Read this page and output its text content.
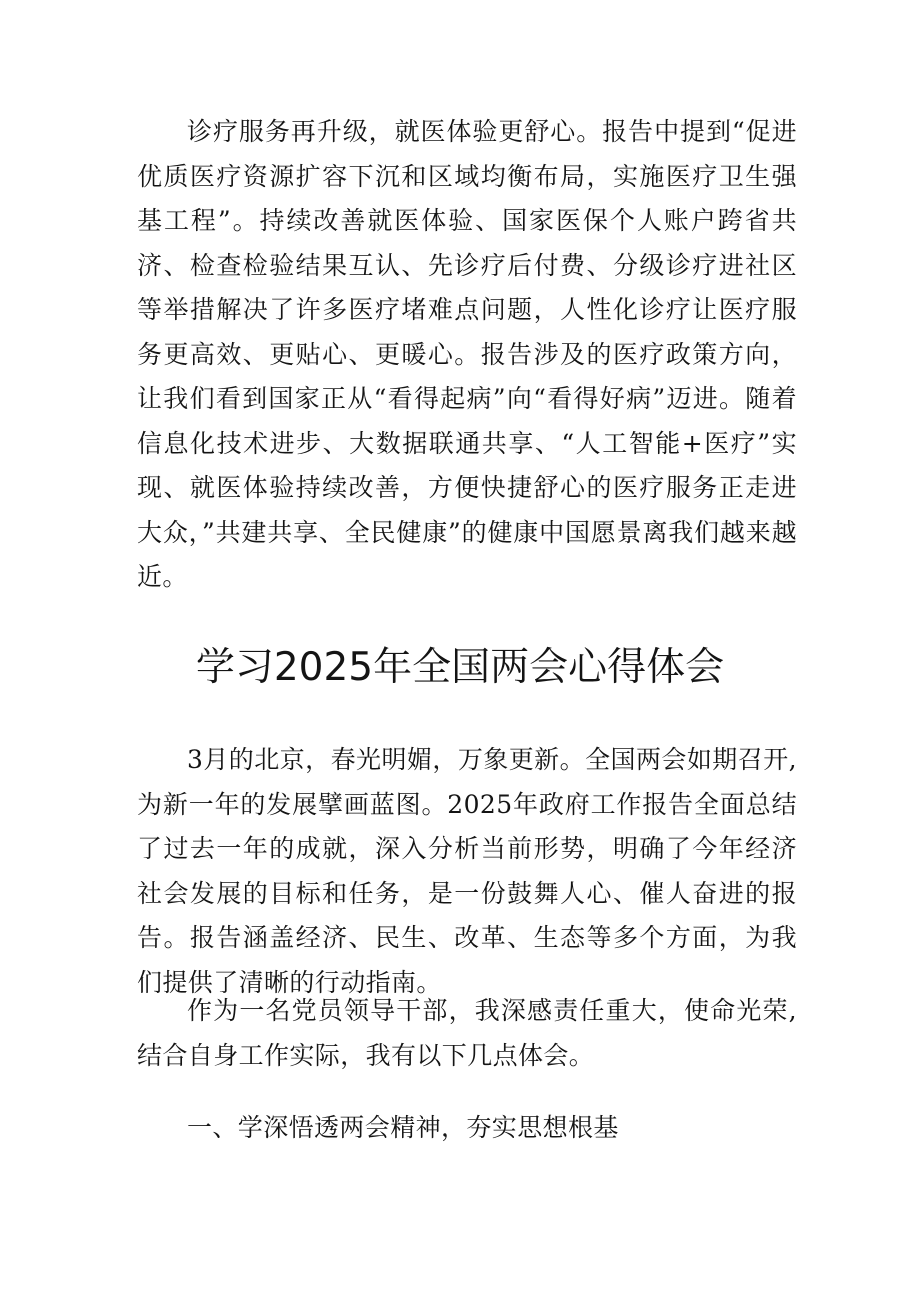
诊疗服务再升级，就医体验更舒心。报告中提到“促进优质医疗资源扩容下沉和区域均衡布局，实施医疗卫生强基工程”。持续改善就医体验、国家医保个人账户跨省共济、检查检验结果互认、先诊疗后付费、分级诊疗进社区等举措解决了许多医疗堵难点问题，人性化诊疗让医疗服务更高效、更贴心、更暖心。报告涉及的医疗政策方向，让我们看到国家正从“看得起病”向“看得好病”迈进。随着信息化技术进步、大数据联通共享、“人工智能+医疗”实现、就医体验持续改善，方便快捷舒心的医疗服务正走进大众，”共建共享、全民健康”的健康中国愿景离我们越来越近。

学习2025年全国两会心得体会

3月的北京，春光明媚，万象更新。全国两会如期召开, 为新一年的发展擘画蓝图。2025年政府工作报告全面总结了过去一年的成就，深入分析当前形势，明确了今年经济社会发展的目标和任务，是一份鼓舞人心、催人奋进的报告。报告涵盖经济、民生、改革、生态等多个方面，为我们提供了清晰的行动指南。

作为一名党员领导干部，我深感责任重大，使命光荣, 结合自身工作实际，我有以下几点体会。

一、学深悟透两会精神，夯实思想根基
